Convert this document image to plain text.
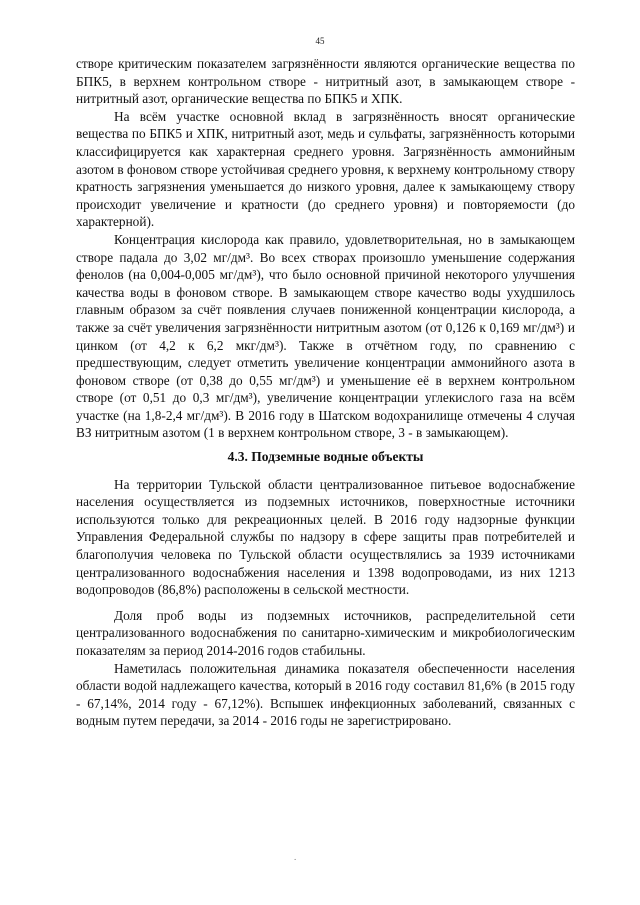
45

створе критическим показателем загрязнённости являются органические вещества по БПК5, в верхнем контрольном створе - нитритный азот, в замыкающем створе - нитритный азот, органические вещества по БПК5 и ХПК.

На всём участке основной вклад в загрязнённость вносят органические вещества по БПК5 и ХПК, нитритный азот, медь и сульфаты, загрязнённость которыми классифицируется как характерная среднего уровня. Загрязнённость аммонийным азотом в фоновом створе устойчивая среднего уровня, к верхнему контрольному створу кратность загрязнения уменьшается до низкого уровня, далее к замыкающему створу происходит увеличение и кратности (до среднего уровня) и повторяемости (до характерной).

Концентрация кислорода как правило, удовлетворительная, но в замыкающем створе падала до 3,02 мг/дм³. Во всех створах произошло уменьшение содержания фенолов (на 0,004-0,005 мг/дм³), что было основной причиной некоторого улучшения качества воды в фоновом створе. В замыкающем створе качество воды ухудшилось главным образом за счёт появления случаев пониженной концентрации кислорода, а также за счёт увеличения загрязнённости нитритным азотом (от 0,126 к 0,169 мг/дм³) и цинком (от 4,2 к 6,2 мкг/дм³). Также в отчётном году, по сравнению с предшествующим, следует отметить увеличение концентрации аммонийного азота в фоновом створе (от 0,38 до 0,55 мг/дм³) и уменьшение её в верхнем контрольном створе (от 0,51 до 0,3 мг/дм³), увеличение концентрации углекислого газа на всём участке (на 1,8-2,4 мг/дм³). В 2016 году в Шатском водохранилище отмечены 4 случая ВЗ нитритным азотом (1 в верхнем контрольном створе, 3 - в замыкающем).

4.3. Подземные водные объекты

На территории Тульской области централизованное питьевое водоснабжение населения осуществляется из подземных источников, поверхностные источники используются только для рекреационных целей. В 2016 году надзорные функции Управления Федеральной службы по надзору в сфере защиты прав потребителей и благополучия человека по Тульской области осуществлялись за 1939 источниками централизованного водоснабжения населения и 1398 водопроводами, из них 1213 водопроводов (86,8%) расположены в сельской местности.

Доля проб воды из подземных источников, распределительной сети централизованного водоснабжения по санитарно-химическим и микробиологическим показателям за период 2014-2016 годов стабильны.

Наметилась положительная динамика показателя обеспеченности населения области водой надлежащего качества, который в 2016 году составил 81,6% (в 2015 году - 67,14%, 2014 году - 67,12%). Вспышек инфекционных заболеваний, связанных с водным путем передачи, за 2014 - 2016 годы не зарегистрировано.

.
